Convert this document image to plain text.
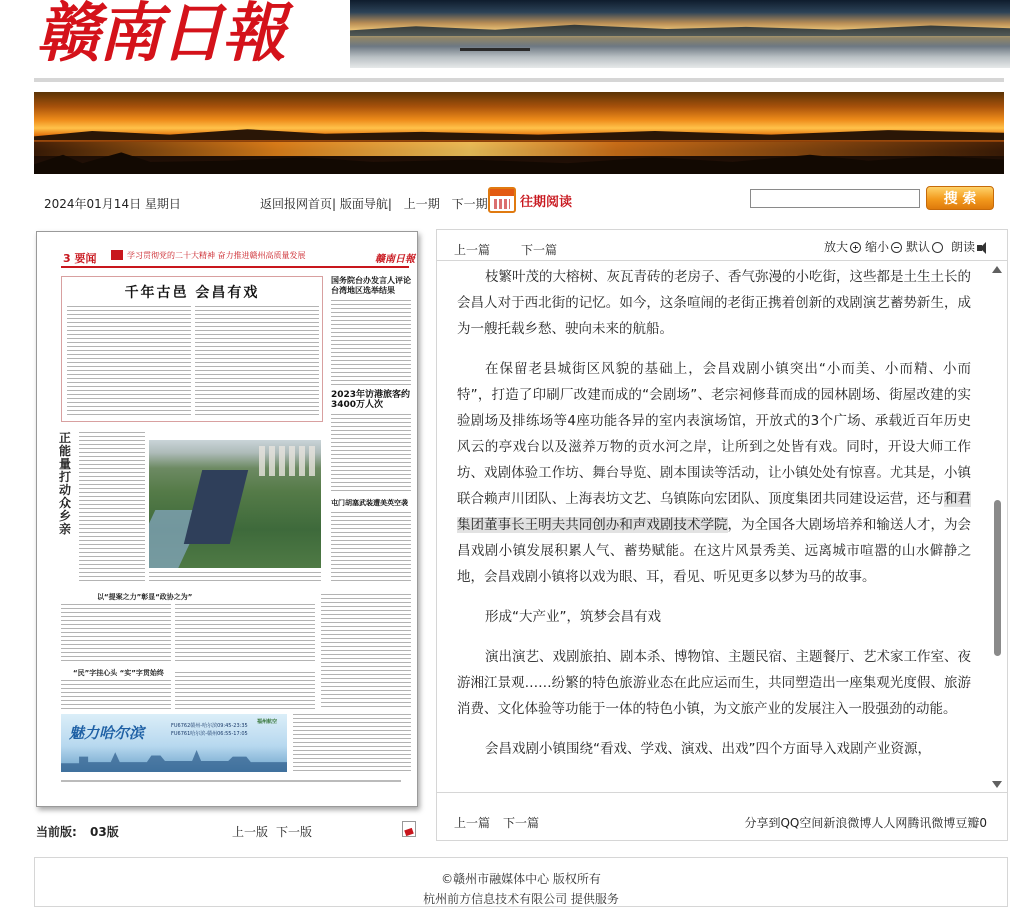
赣南日報
2024年01月14日 星期日	返回报网首页| 版面导航| 上一期 下一期	往期阅读	搜 索
3 要闻	学习贯彻党的二十大精神 奋力推进赣州高质量发展	赣南日報
千年古邑 会昌有戏
国务院台办发言人评论台湾地区选举结果
2023年访港旅客约3400万人次
屯门胡塞武装遭美英空袭
正能量打动众乡亲
以“提案之力”彰显“政协之为”
“民”字挂心头 “实”字贯始终
魅力哈尔滨	FU6762赣州-哈尔滨09:45-23:35
FU6761哈尔滨-赣州06:55-17:05
福州航空
当前版: 03版	上一版 下一版
上一篇	下一篇	放大	缩小	默认	朗读

枝繁叶茂的大榕树、灰瓦青砖的老房子、香气弥漫的小吃街，这些都是土生土长的会昌人对于西北街的记忆。如今，这条喧闹的老街正携着创新的戏剧演艺蓄势新生，成为一艘托载乡愁、驶向未来的航船。

在保留老县城街区风貌的基础上，会昌戏剧小镇突出“小而美、小而精、小而特”，打造了印刷厂改建而成的“会剧场”、老宗祠修葺而成的园林剧场、街屋改建的实验剧场及排练场等4座功能各异的室内表演场馆，开放式的3个广场、承载近百年历史风云的亭戏台以及滋养万物的贡水河之岸，让所到之处皆有戏。同时，开设大师工作坊、戏剧体验工作坊、舞台导览、剧本围读等活动，让小镇处处有惊喜。尤其是，小镇联合赖声川团队、上海表坊文艺、乌镇陈向宏团队、顶度集团共同建设运营，还与和君集团董事长王明夫共同创办和声戏剧技术学院，为全国各大剧场培养和输送人才，为会昌戏剧小镇发展积累人气、蓄势赋能。在这片风景秀美、远离城市喧嚣的山水僻静之地，会昌戏剧小镇将以戏为眼、耳，看见、听见更多以梦为马的故事。

形成“大产业”，筑梦会昌有戏

演出演艺、戏剧旅拍、剧本杀、博物馆、主题民宿、主题餐厅、艺术家工作室、夜游湘江景观……纷繁的特色旅游业态在此应运而生，共同塑造出一座集观光度假、旅游消费、文化体验等功能于一体的特色小镇，为文旅产业的发展注入一股强劲的动能。

会昌戏剧小镇围绕“看戏、学戏、演戏、出戏”四个方面导入戏剧产业资源，

上一篇 下一篇	分享到QQ空间新浪微博人人网腾讯微博豆瓣0
©赣州市融媒体中心 版权所有
杭州前方信息技术有限公司 提供服务
